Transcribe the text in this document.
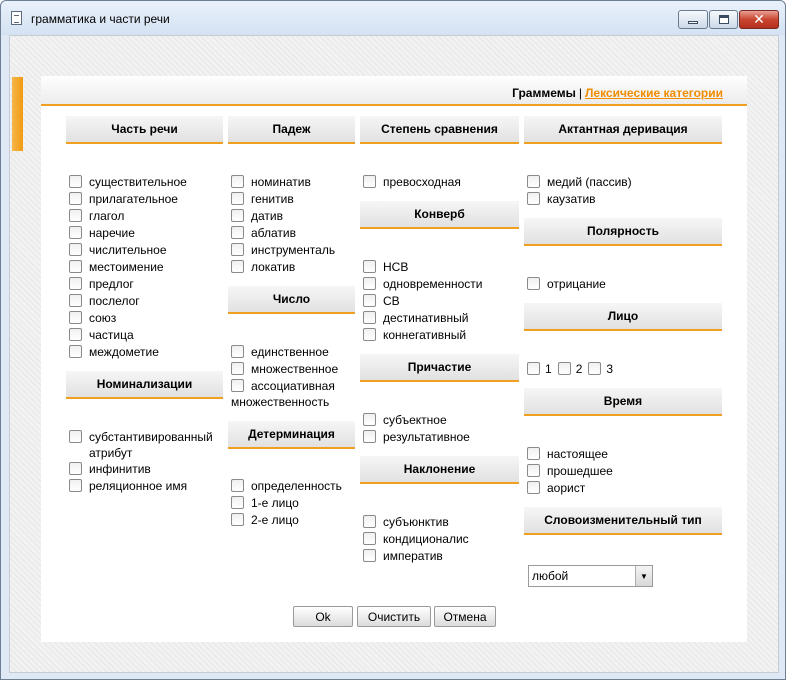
грамматика и части речи	✕
Граммемы | Лексические категории
Часть речи
существительное
прилагательное
глагол
наречие
числительное
местоимение
предлог
послелог
союз
частица
междометие
Номинализации
субстантивированный
атрибут
инфинитив
реляционное имя
Падеж
номинатив
генитив
датив
аблатив
инструменталь
локатив
Число
единственное
множественное
ассоциативная
множественность
Детерминация
определенность
1-е лицо
2-е лицо
Степень сравнения
превосходная
Конверб
НСВ
одновременности
СВ
дестинативный
коннегативный
Причастие
субъектное
результативное
Наклонение
субъюнктив
кондиционалис
императив
Актантная деривация
медий (пассив)
каузатив
Полярность
отрицание
Лицо
1 2 3
Время
настоящее
прошедшее
аорист
Словоизменительный тип
любой	▼
Ok	Очистить	Отмена
